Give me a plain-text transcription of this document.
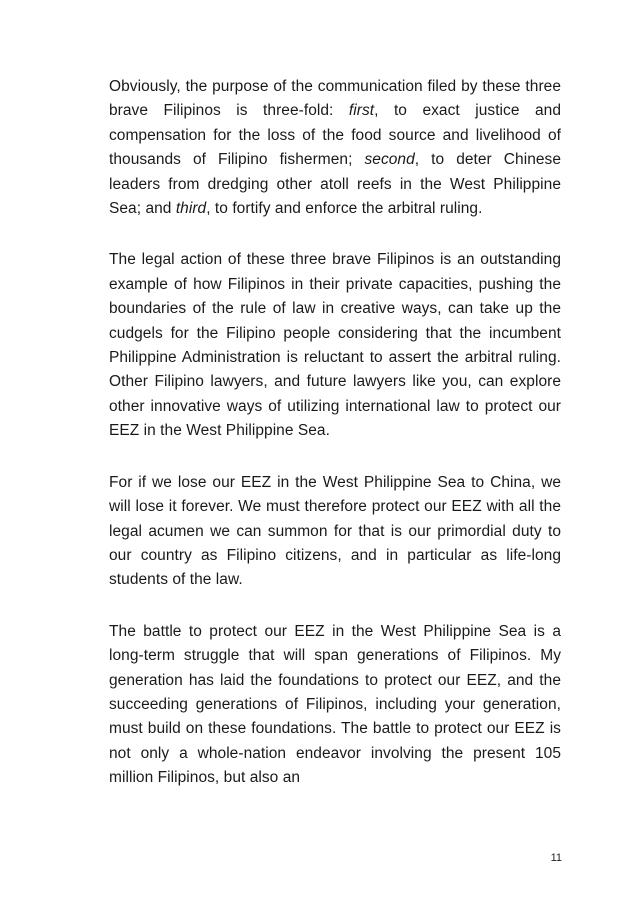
Obviously, the purpose of the communication filed by these three brave Filipinos is three-fold: first, to exact justice and compensation for the loss of the food source and livelihood of thousands of Filipino fishermen; second, to deter Chinese leaders from dredging other atoll reefs in the West Philippine Sea; and third, to fortify and enforce the arbitral ruling.

The legal action of these three brave Filipinos is an outstanding example of how Filipinos in their private capacities, pushing the boundaries of the rule of law in creative ways, can take up the cudgels for the Filipino people considering that the incumbent Philippine Administration is reluctant to assert the arbitral ruling. Other Filipino lawyers, and future lawyers like you, can explore other innovative ways of utilizing international law to protect our EEZ in the West Philippine Sea.

For if we lose our EEZ in the West Philippine Sea to China, we will lose it forever. We must therefore protect our EEZ with all the legal acumen we can summon for that is our primordial duty to our country as Filipino citizens, and in particular as life-long students of the law.

The battle to protect our EEZ in the West Philippine Sea is a long-term struggle that will span generations of Filipinos. My generation has laid the foundations to protect our EEZ, and the succeeding generations of Filipinos, including your generation, must build on these foundations. The battle to protect our EEZ is not only a whole-nation endeavor involving the present 105 million Filipinos, but also an

11
